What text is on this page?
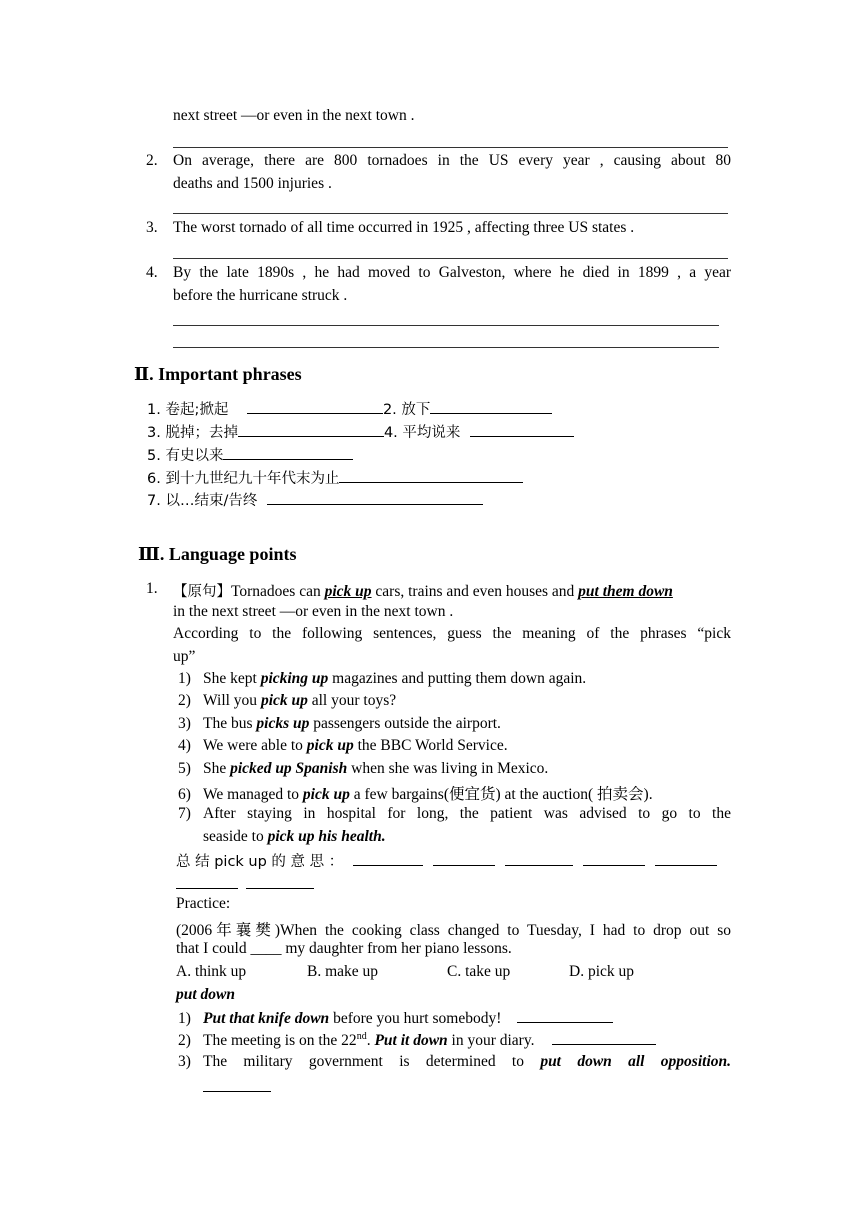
next street —or even in the next town .
2. On average, there are 800 tornadoes in the US every year , causing about 80
deaths and 1500 injuries .
3. The worst tornado of all time occurred in 1925 , affecting three US states .
4. By the late 1890s , he had moved to Galveston, where he died in 1899 , a year
before the hurricane struck .
Ⅱ. Important phrases
1. 卷起;掀起	2. 放下
3. 脱掉；去掉	4. 平均说来
5. 有史以来
6. 到十九世纪九十年代末为止
7. 以…结束/告终
Ⅲ. Language points
1. 【原句】Tornadoes can pick up cars, trains and even houses and put them down
in the next street —or even in the next town .
According to the following sentences, guess the meaning of the phrases “pick
up”
1) She kept picking up magazines and putting them down again.
2) Will you pick up all your toys?
3) The bus picks up passengers outside the airport.
4) We were able to pick up the BBC World Service.
5) She picked up Spanish when she was living in Mexico.
6) We managed to pick up a few bargains(便宜货) at the auction( 拍卖会).
7) After staying in hospital for long, the patient was advised to go to the
seaside to pick up his health.
总 结 pick up 的 意 思 ：

Practice:
(2006年襄樊)When the cooking class changed to Tuesday, I had to drop out so
that I could ____ my daughter from her piano lessons.
A. think up	B. make up	C. take up	D. pick up
put down
1) Put that knife down before you hurt somebody!
2) The meeting is on the 22nd. Put it down in your diary.
3) The military government is determined to put down all opposition.
